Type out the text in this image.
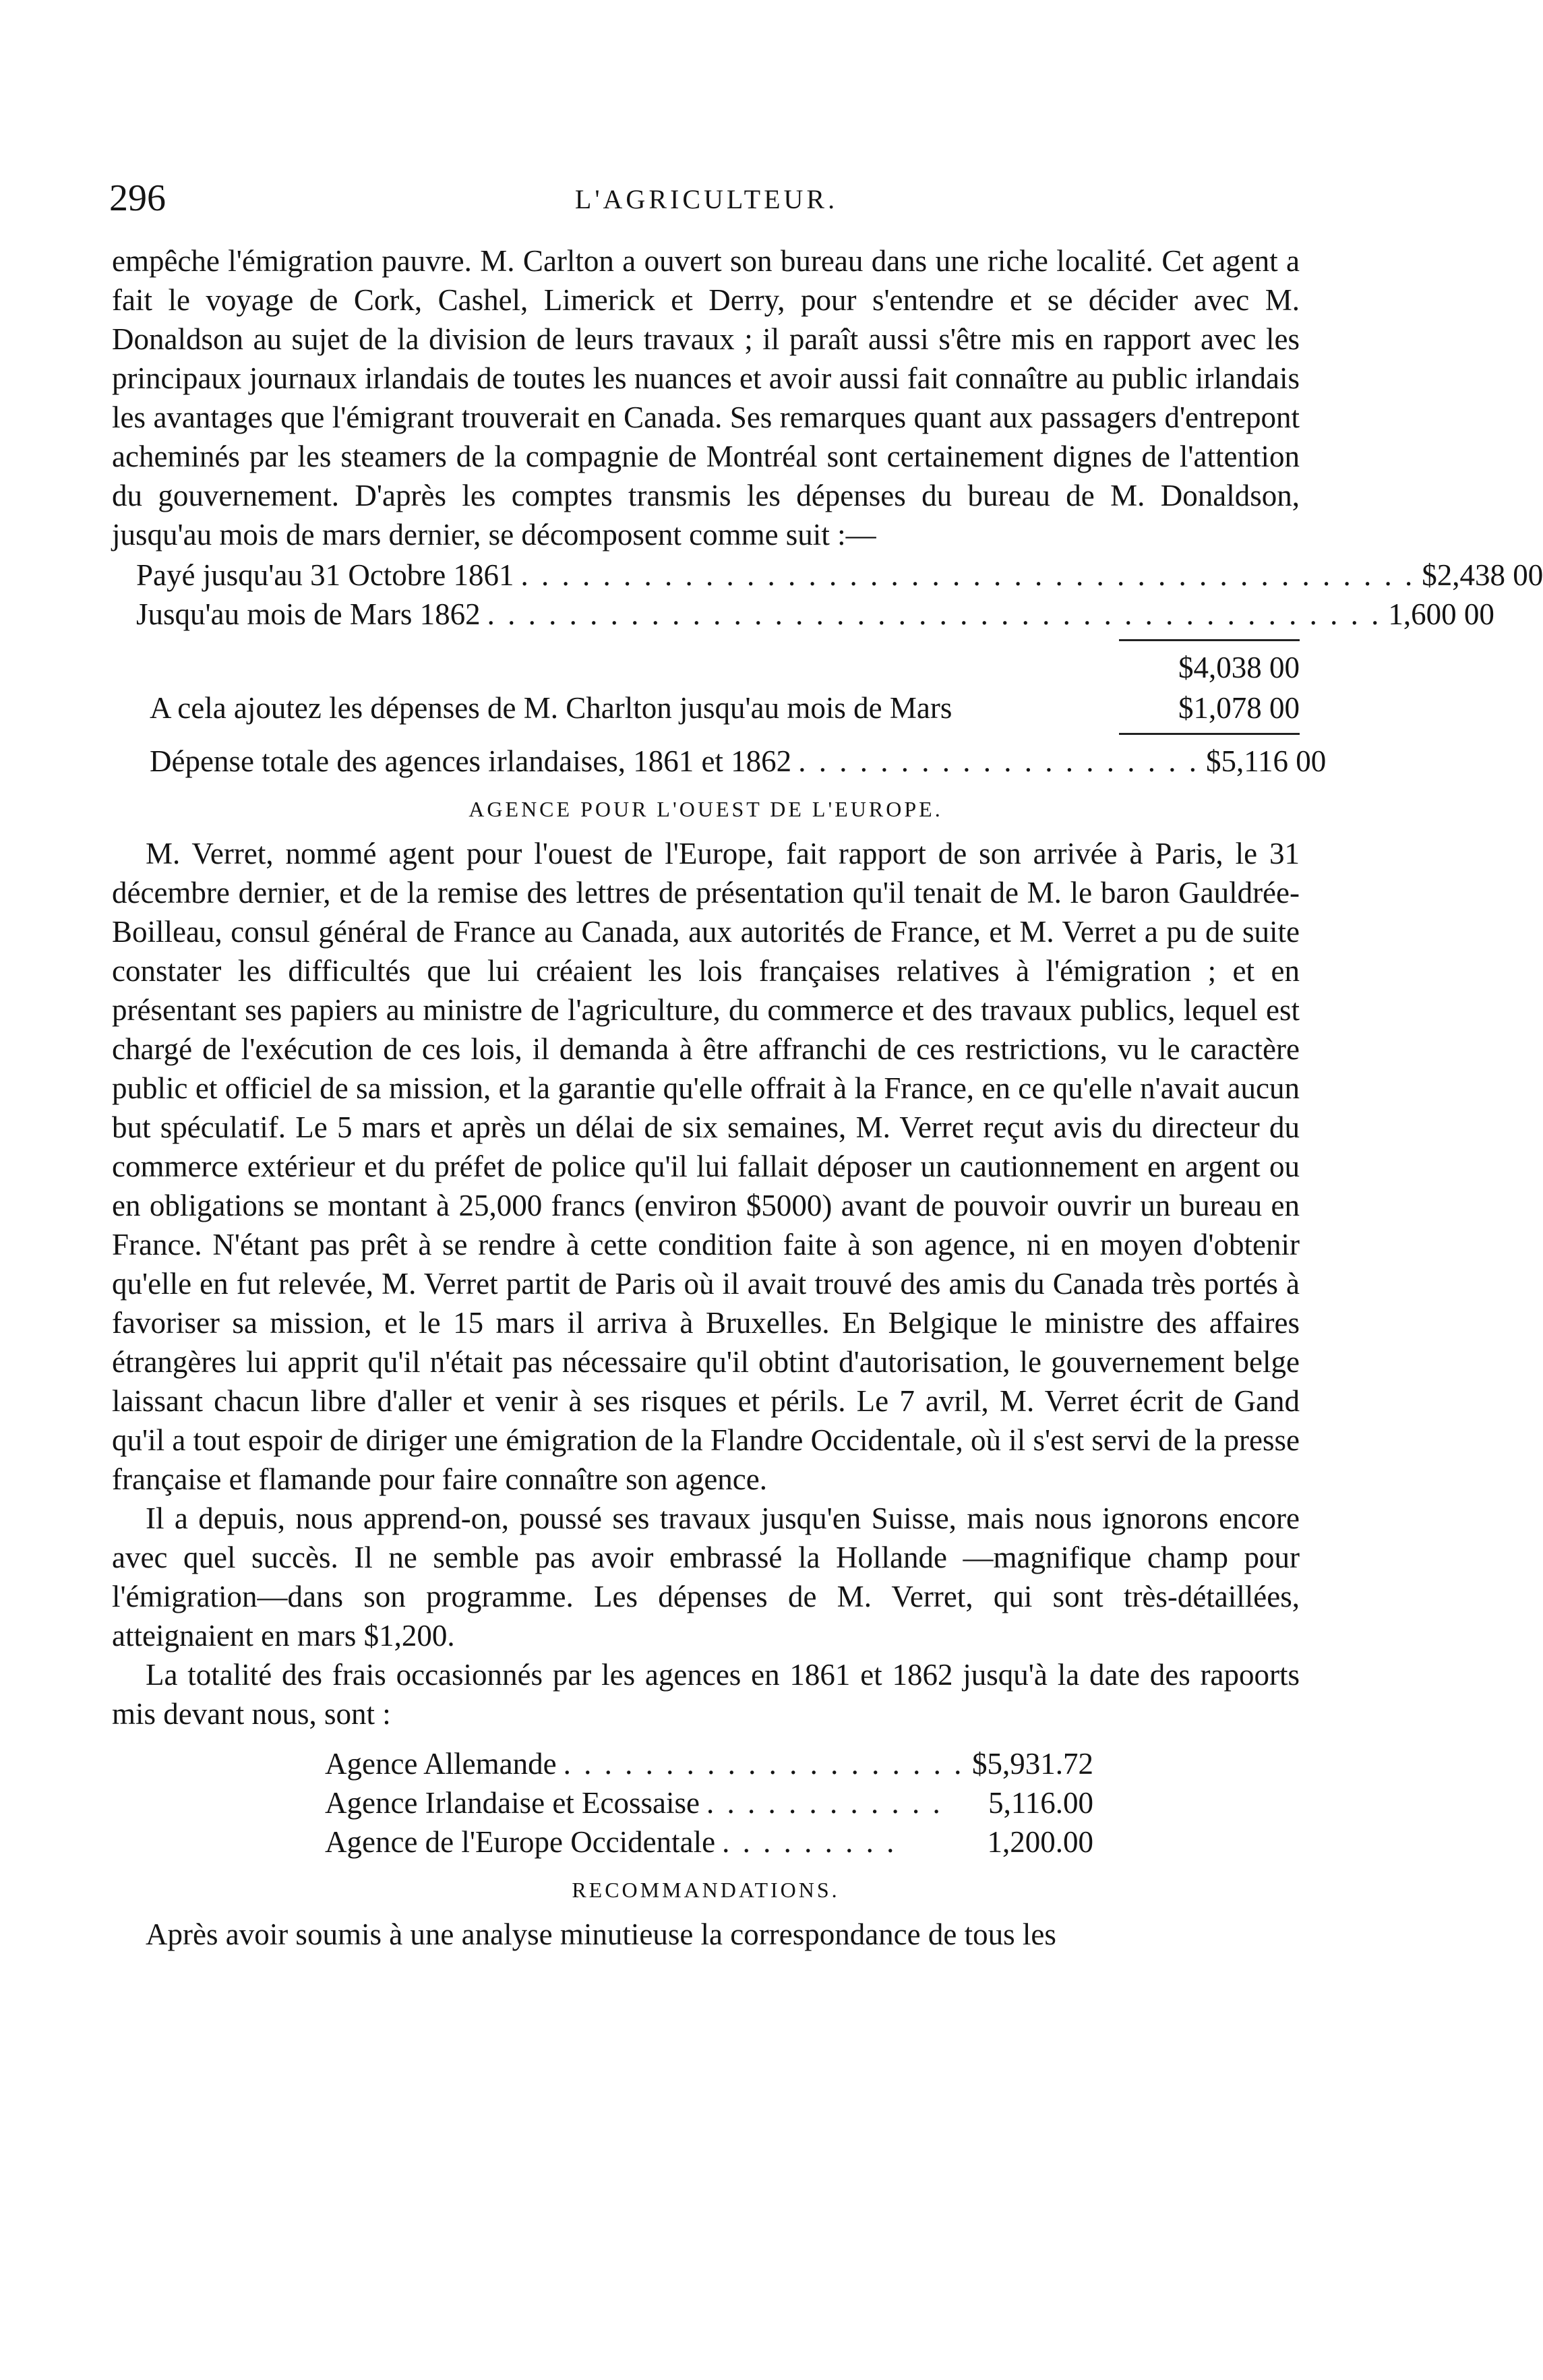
296	L'AGRICULTEUR.

empêche l'émigration pauvre. M. Carlton a ouvert son bureau dans une riche localité. Cet agent a fait le voyage de Cork, Cashel, Limerick et Derry, pour s'entendre et se décider avec M. Donaldson au sujet de la division de leurs travaux ; il paraît aussi s'être mis en rapport avec les principaux journaux irlandais de toutes les nuances et avoir aussi fait connaître au public irlandais les avantages que l'émigrant trouverait en Canada. Ses remarques quant aux passagers d'entrepont acheminés par les steamers de la compagnie de Montréal sont certainement dignes de l'attention du gouvernement. D'après les comptes transmis les dépenses du bureau de M. Donaldson, jusqu'au mois de mars dernier, se décomposent comme suit :—

Payé jusqu'au 31 Octobre 1861 . . . . . . . . . . . . . . . . . . . . . . . . . . . . . . . . . . . . . . . . . . . . $2,438 00
Jusqu'au mois de Mars 1862 . . . . . . . . . . . . . . . . . . . . . . . . . . . . . . . . . . . . . . . . . . . . 1,600 00
$4,038 00
A cela ajoutez les dépenses de M. Charlton jusqu'au mois de Mars	$1,078 00
Dépense totale des agences irlandaises, 1861 et 1862 . . . . . . . . . . . . . . . . . . . . $5,116 00
AGENCE POUR L'OUEST DE L'EUROPE.

M. Verret, nommé agent pour l'ouest de l'Europe, fait rapport de son arrivée à Paris, le 31 décembre dernier, et de la remise des lettres de présentation qu'il tenait de M. le baron Gauldrée-Boilleau, consul général de France au Canada, aux autorités de France, et M. Verret a pu de suite constater les difficultés que lui créaient les lois françaises relatives à l'émigration ; et en présentant ses papiers au ministre de l'agriculture, du commerce et des travaux publics, lequel est chargé de l'exécution de ces lois, il demanda à être affranchi de ces restrictions, vu le caractère public et officiel de sa mission, et la garantie qu'elle offrait à la France, en ce qu'elle n'avait aucun but spéculatif. Le 5 mars et après un délai de six semaines, M. Verret reçut avis du directeur du commerce extérieur et du préfet de police qu'il lui fallait déposer un cautionnement en argent ou en obligations se montant à 25,000 francs (environ $5000) avant de pouvoir ouvrir un bureau en France. N'étant pas prêt à se rendre à cette condition faite à son agence, ni en moyen d'obtenir qu'elle en fut relevée, M. Verret partit de Paris où il avait trouvé des amis du Canada très portés à favoriser sa mission, et le 15 mars il arriva à Bruxelles. En Belgique le ministre des affaires étrangères lui apprit qu'il n'était pas nécessaire qu'il obtint d'autorisation, le gouvernement belge laissant chacun libre d'aller et venir à ses risques et périls. Le 7 avril, M. Verret écrit de Gand qu'il a tout espoir de diriger une émigration de la Flandre Occidentale, où il s'est servi de la presse française et flamande pour faire connaître son agence.

Il a depuis, nous apprend-on, poussé ses travaux jusqu'en Suisse, mais nous ignorons encore avec quel succès. Il ne semble pas avoir embrassé la Hollande —magnifique champ pour l'émigration—dans son programme. Les dépenses de M. Verret, qui sont très-détaillées, atteignaient en mars $1,200.

La totalité des frais occasionnés par les agences en 1861 et 1862 jusqu'à la date des rapoorts mis devant nous, sont :

Agence Allemande . . . . . . . . . . . . . . . . . . . . $5,931.72
Agence Irlandaise et Ecossaise . . . . . . . . . . . .	5,116.00
Agence de l'Europe Occidentale . . . . . . . . .	1,200.00
RECOMMANDATIONS.

Après avoir soumis à une analyse minutieuse la correspondance de tous les
